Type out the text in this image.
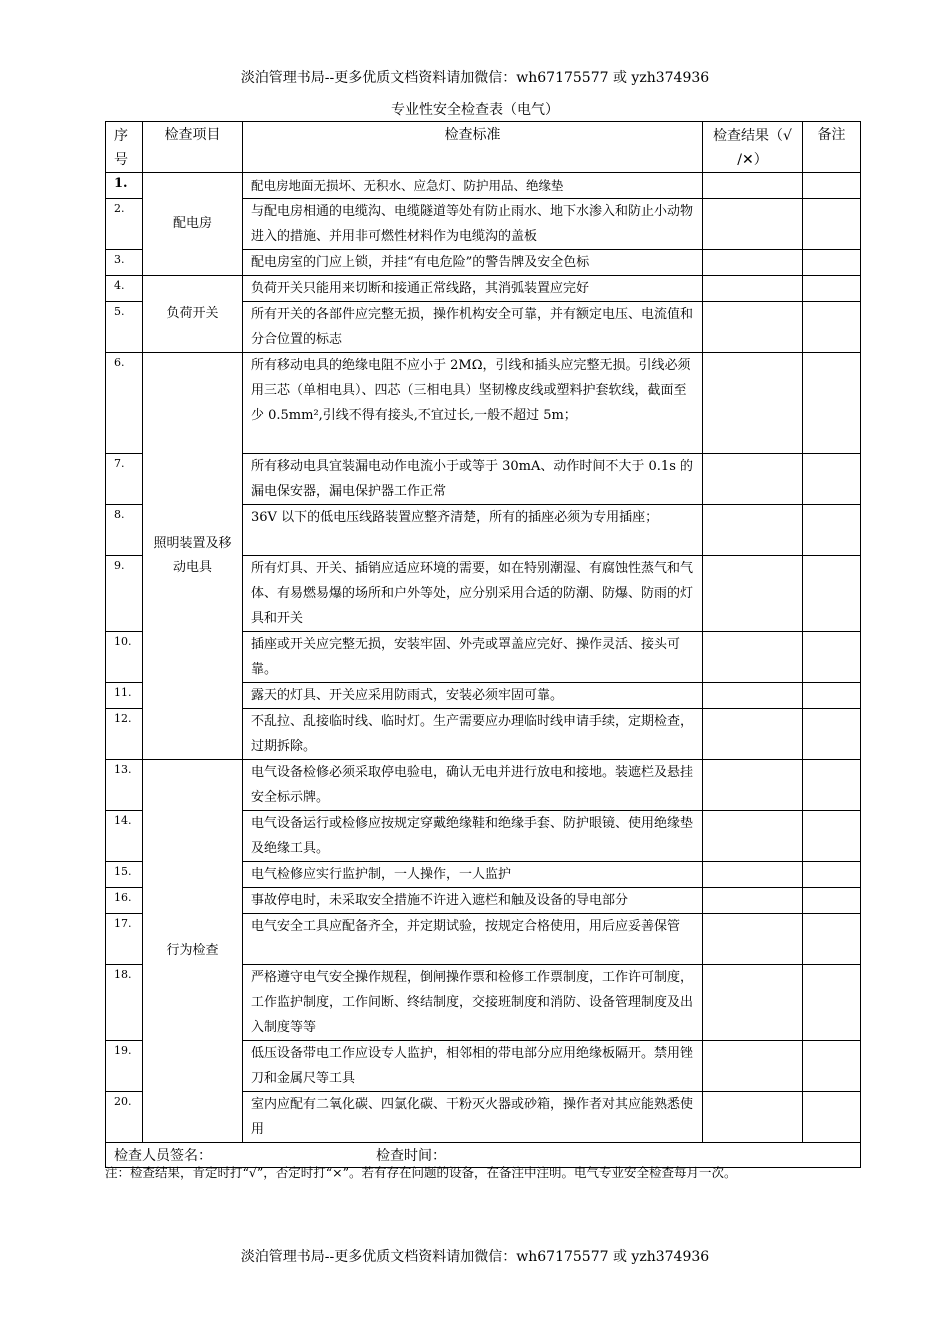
淡泊管理书局--更多优质文档资料请加微信：wh67175577 或 yzh374936
专业性安全检查表（电气）
序号	检查项目	检查标准	检查结果（√ /✕）	备注
1.	配电房	配电房地面无损坏、无积水、应急灯、防护用品、绝缘垫		
2.		与配电房相通的电缆沟、电缆隧道等处有防止雨水、地下水渗入和防止小动物进入的措施、并用非可燃性材料作为电缆沟的盖板		
3.		配电房室的门应上锁，并挂“有电危险”的警告牌及安全色标		
4.	负荷开关	负荷开关只能用来切断和接通正常线路，其消弧装置应完好		
5.		所有开关的各部件应完整无损，操作机构安全可靠，并有额定电压、电流值和分合位置的标志		
6.	照明装置及移动电具	所有移动电具的绝缘电阻不应小于 2MΩ，引线和插头应完整无损。引线必须用三芯（单相电具）、四芯（三相电具）坚韧橡皮线或塑料护套软线，截面至少 0.5mm²,引线不得有接头,不宜过长,一般不超过 5m；		
7.		所有移动电具宜装漏电动作电流小于或等于 30mA、动作时间不大于 0.1s 的漏电保安器，漏电保护器工作正常		
8.		36V 以下的低电压线路装置应整齐清楚，所有的插座必须为专用插座；		
9.		所有灯具、开关、插销应适应环境的需要，如在特别潮湿、有腐蚀性蒸气和气体、有易燃易爆的场所和户外等处，应分别采用合适的防潮、防爆、防雨的灯具和开关		
10.		插座或开关应完整无损，安装牢固、外壳或罩盖应完好、操作灵活、接头可靠。		
11.		露天的灯具、开关应采用防雨式，安装必须牢固可靠。		
12.		不乱拉、乱接临时线、临时灯。生产需要应办理临时线申请手续，定期检查，过期拆除。		
13.	行为检查	电气设备检修必须采取停电验电，确认无电并进行放电和接地。装遮栏及悬挂安全标示牌。		
14.		电气设备运行或检修应按规定穿戴绝缘鞋和绝缘手套、防护眼镜、使用绝缘垫及绝缘工具。		
15.		电气检修应实行监护制，一人操作，一人监护		
16.		事故停电时，未采取安全措施不许进入遮栏和触及设备的导电部分		
17.		电气安全工具应配备齐全，并定期试验，按规定合格使用，用后应妥善保管		
18.		严格遵守电气安全操作规程，倒闸操作票和检修工作票制度，工作许可制度，工作监护制度，工作间断、终结制度，交接班制度和消防、设备管理制度及出入制度等等		
19.		低压设备带电工作应设专人监护，相邻相的带电部分应用绝缘板隔开。禁用锉刀和金属尺等工具		
20.		室内应配有二氧化碳、四氯化碳、干粉灭火器或砂箱，操作者对其应能熟悉使用		
检查人员签名： 检查时间：				
注：检查结果，肯定时打“√”，否定时打“×”。若有存在问题的设备，在备注中注明。电气专业安全检查每月一次。
淡泊管理书局--更多优质文档资料请加微信：wh67175577 或 yzh374936
